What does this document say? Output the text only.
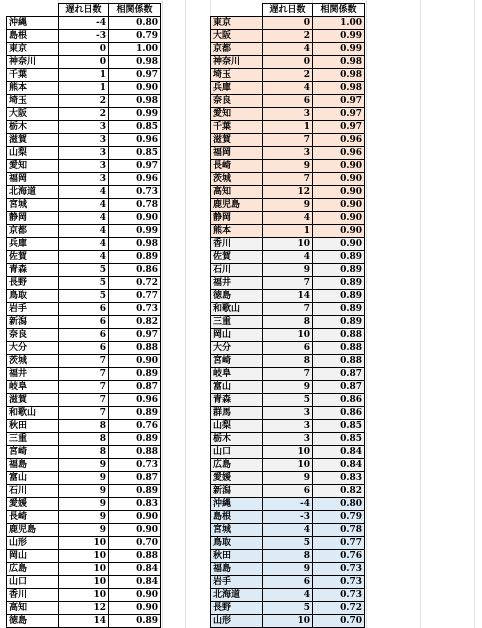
	遅れ日数	相関係数
沖縄	-4	0.80
島根	-3	0.79
東京	0	1.00
神奈川	0	0.98
千葉	1	0.97
熊本	1	0.90
埼玉	2	0.98
大阪	2	0.99
栃木	3	0.85
滋賀	3	0.96
山梨	3	0.85
愛知	3	0.97
福岡	3	0.96
北海道	4	0.73
宮城	4	0.78
静岡	4	0.90
京都	4	0.99
兵庫	4	0.98
佐賀	4	0.89
青森	5	0.86
長野	5	0.72
鳥取	5	0.77
岩手	6	0.73
新潟	6	0.82
奈良	6	0.97
大分	6	0.88
茨城	7	0.90
福井	7	0.89
岐阜	7	0.87
滋賀	7	0.96
和歌山	7	0.89
秋田	8	0.76
三重	8	0.89
宮崎	8	0.88
福島	9	0.73
富山	9	0.87
石川	9	0.89
愛媛	9	0.83
長崎	9	0.90
鹿児島	9	0.90
山形	10	0.70
岡山	10	0.88
広島	10	0.84
山口	10	0.84
香川	10	0.90
高知	12	0.90
徳島	14	0.89
	遅れ日数	相関係数
東京	0	1.00
大阪	2	0.99
京都	4	0.99
神奈川	0	0.98
埼玉	2	0.98
兵庫	4	0.98
奈良	6	0.97
愛知	3	0.97
千葉	1	0.97
滋賀	7	0.96
福岡	3	0.96
長崎	9	0.90
茨城	7	0.90
高知	12	0.90
鹿児島	9	0.90
静岡	4	0.90
熊本	1	0.90
香川	10	0.90
佐賀	4	0.89
石川	9	0.89
福井	7	0.89
徳島	14	0.89
和歌山	7	0.89
三重	8	0.89
岡山	10	0.88
大分	6	0.88
宮崎	8	0.88
岐阜	7	0.87
富山	9	0.87
青森	5	0.86
群馬	3	0.86
山梨	3	0.85
栃木	3	0.85
山口	10	0.84
広島	10	0.84
愛媛	9	0.83
新潟	6	0.82
沖縄	-4	0.80
島根	-3	0.79
宮城	4	0.78
鳥取	5	0.77
秋田	8	0.76
福島	9	0.73
岩手	6	0.73
北海道	4	0.73
長野	5	0.72
山形	10	0.70
